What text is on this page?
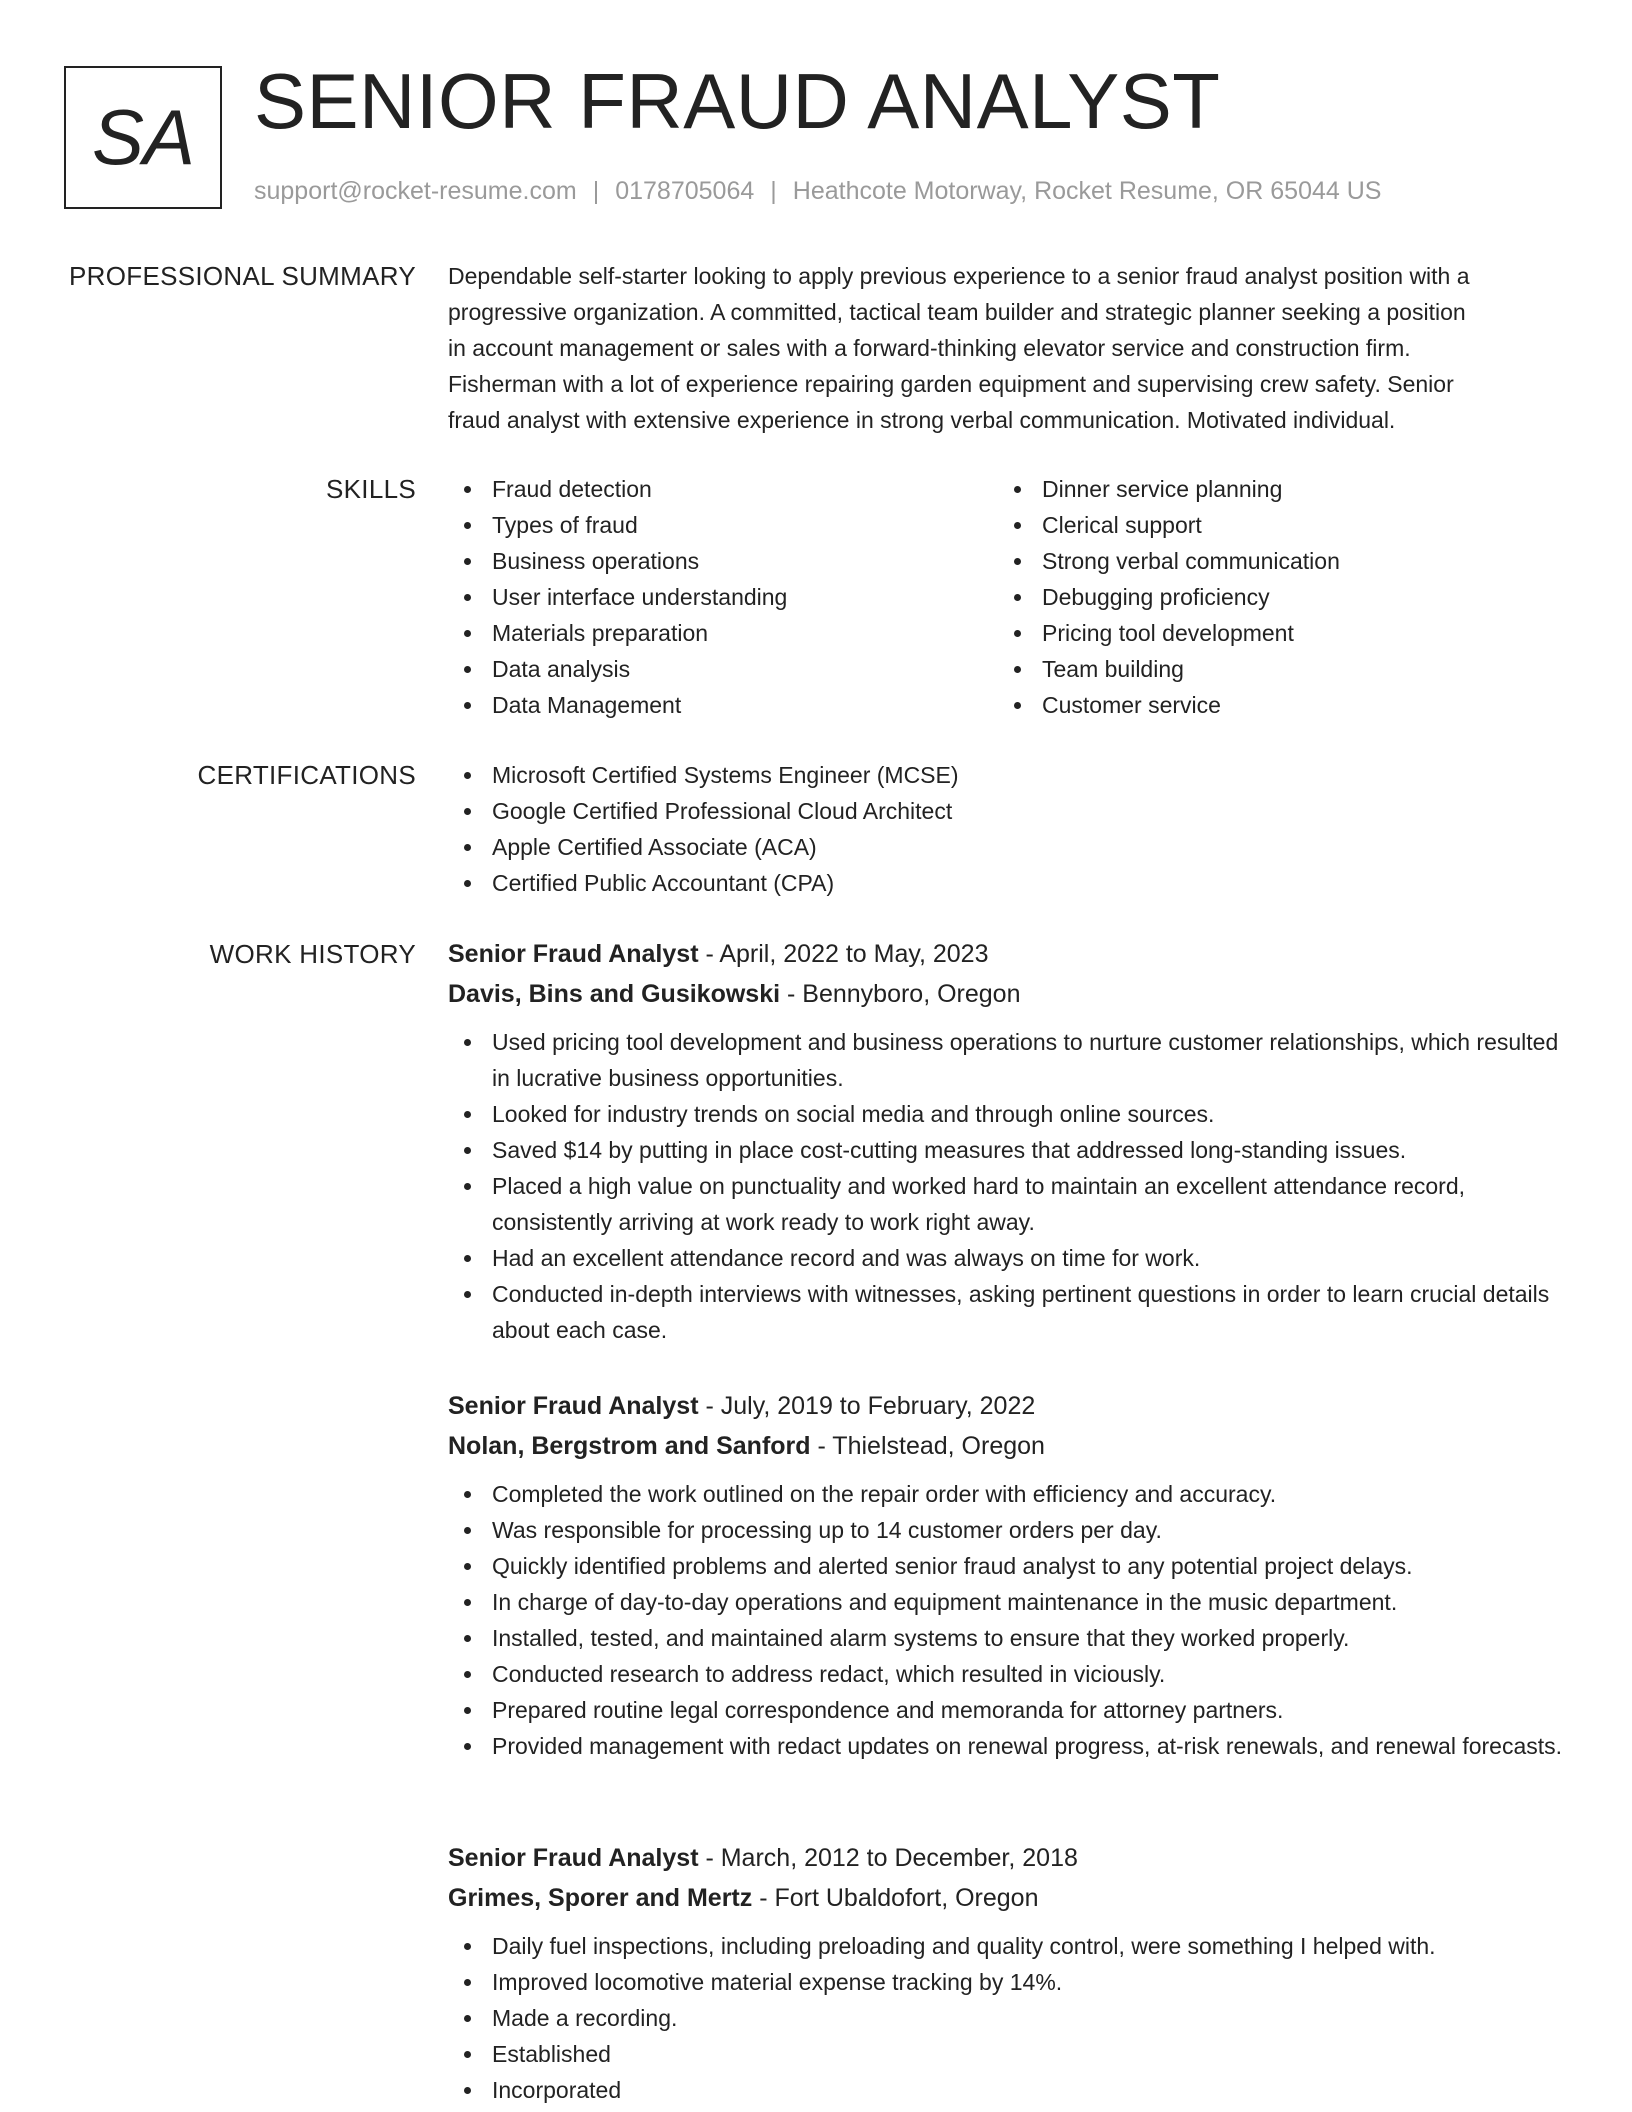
SA SENIOR FRAUD ANALYST
support@rocket-resume.com | 0178705064 | Heathcote Motorway, Rocket Resume, OR 65044 US
PROFESSIONAL SUMMARY Dependable self-starter looking to apply previous experience to a senior fraud analyst position with a
progressive organization. A committed, tactical team builder and strategic planner seeking a position
in account management or sales with a forward-thinking elevator service and construction firm.
Fisherman with a lot of experience repairing garden equipment and supervising crew safety. Senior
fraud analyst with extensive experience in strong verbal communication. Motivated individual.
SKILLS	Fraud detection
Types of fraud
Business operations
User interface understanding
Materials preparation
Data analysis
Data Management
Dinner service planning
Clerical support
Strong verbal communication
Debugging proficiency
Pricing tool development
Team building
Customer service
CERTIFICATIONS	Microsoft Certified Systems Engineer (MCSE)
Google Certified Professional Cloud Architect
Apple Certified Associate (ACA)
Certified Public Accountant (CPA)
WORK HISTORY Senior Fraud Analyst - April, 2022 to May, 2023
Davis, Bins and Gusikowski - Bennyboro, Oregon
Used pricing tool development and business operations to nurture customer relationships, which resulted in lucrative business opportunities.
Looked for industry trends on social media and through online sources.
Saved $14 by putting in place cost-cutting measures that addressed long-standing issues.
Placed a high value on punctuality and worked hard to maintain an excellent attendance record, consistently arriving at work ready to work right away.
Had an excellent attendance record and was always on time for work.
Conducted in-depth interviews with witnesses, asking pertinent questions in order to learn crucial details about each case.
Senior Fraud Analyst - July, 2019 to February, 2022
Nolan, Bergstrom and Sanford - Thielstead, Oregon
Completed the work outlined on the repair order with efficiency and accuracy.
Was responsible for processing up to 14 customer orders per day.
Quickly identified problems and alerted senior fraud analyst to any potential project delays.
In charge of day-to-day operations and equipment maintenance in the music department.
Installed, tested, and maintained alarm systems to ensure that they worked properly.
Conducted research to address redact, which resulted in viciously.
Prepared routine legal correspondence and memoranda for attorney partners.
Provided management with redact updates on renewal progress, at-risk renewals, and renewal forecasts.
Senior Fraud Analyst - March, 2012 to December, 2018
Grimes, Sporer and Mertz - Fort Ubaldofort, Oregon
Daily fuel inspections, including preloading and quality control, were something I helped with.
Improved locomotive material expense tracking by 14%.
Made a recording.
Established
Incorporated
